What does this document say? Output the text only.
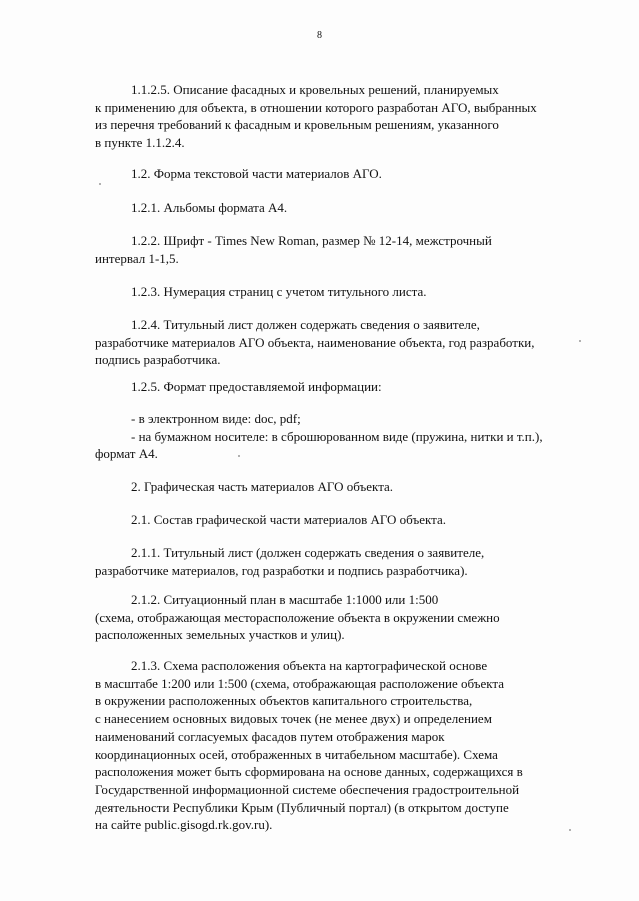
8
1.1.2.5. Описание фасадных и кровельных решений, планируемых
к применению для объекта, в отношении которого разработан АГО, выбранных
из перечня требований к фасадным и кровельным решениям, указанного
в пункте 1.1.2.4.
1.2. Форма текстовой части материалов АГО.
1.2.1. Альбомы формата А4.
1.2.2. Шрифт - Times New Roman, размер № 12-14, межстрочный
интервал 1-1,5.
1.2.3. Нумерация страниц с учетом титульного листа.
1.2.4. Титульный лист должен содержать сведения о заявителе,
разработчике материалов АГО объекта, наименование объекта, год разработки,
подпись разработчика.
1.2.5. Формат предоставляемой информации:
- в электронном виде: doc, pdf;
- на бумажном носителе: в сброшюрованном виде (пружина, нитки и т.п.),
формат А4.
2. Графическая часть материалов АГО объекта.
2.1. Состав графической части материалов АГО объекта.
2.1.1. Титульный лист (должен содержать сведения о заявителе,
разработчике материалов, год разработки и подпись разработчика).
2.1.2. Ситуационный план в масштабе 1:1000 или 1:500
(схема, отображающая месторасположение объекта в окружении смежно
расположенных земельных участков и улиц).
2.1.3. Схема расположения объекта на картографической основе
в масштабе 1:200 или 1:500 (схема, отображающая расположение объекта
в окружении расположенных объектов капитального строительства,
с нанесением основных видовых точек (не менее двух) и определением
наименований согласуемых фасадов путем отображения марок
координационных осей, отображенных в читабельном масштабе). Схема
расположения может быть сформирована на основе данных, содержащихся в
Государственной информационной системе обеспечения градостроительной
деятельности Республики Крым (Публичный портал) (в открытом доступе
на сайте public.gisogd.rk.gov.ru).
